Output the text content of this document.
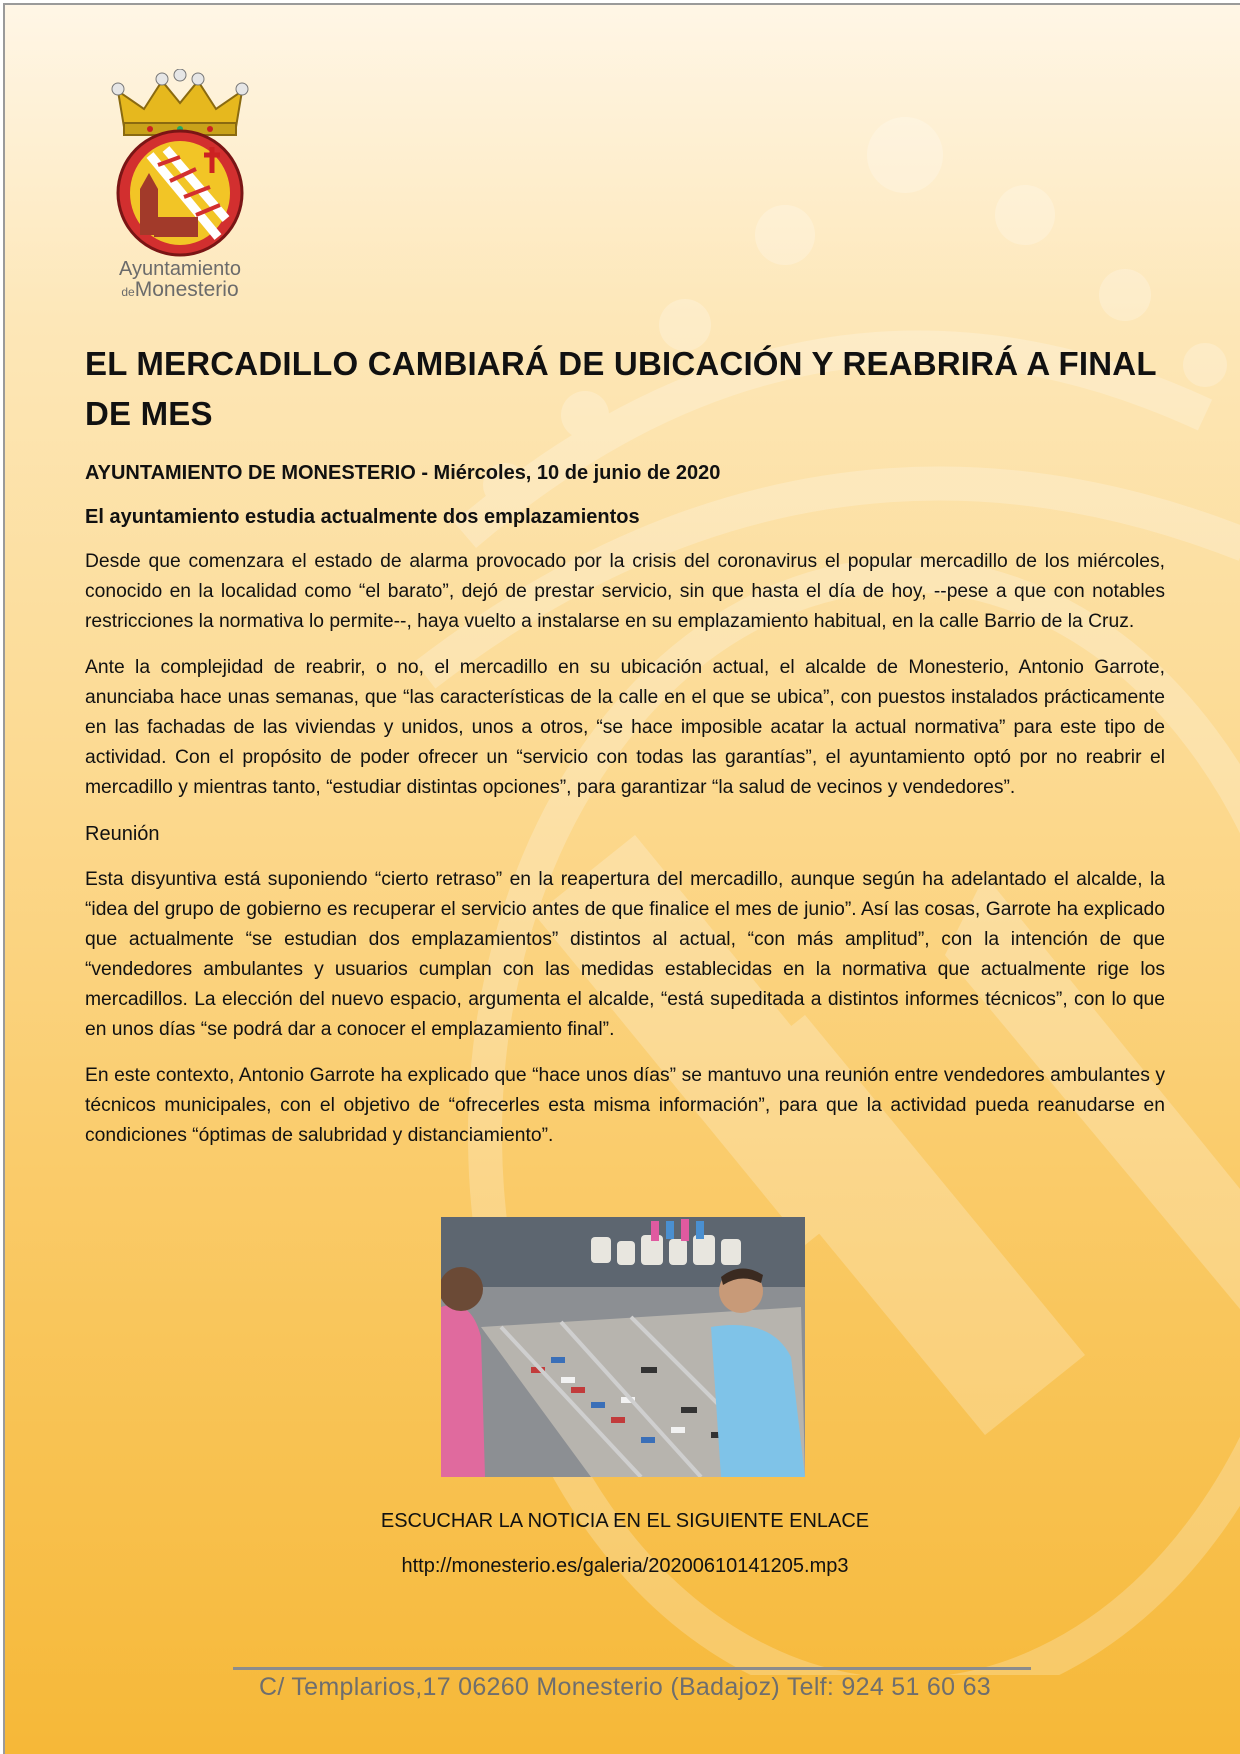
Ayuntamiento
deMonesterio
EL MERCADILLO CAMBIARÁ DE UBICACIÓN Y REABRIRÁ A FINAL DE MES
AYUNTAMIENTO DE MONESTERIO - Miércoles, 10 de junio de 2020
El ayuntamiento estudia actualmente dos emplazamientos

Desde que comenzara el estado de alarma provocado por la crisis del coronavirus el popular mercadillo de los miércoles, conocido en la localidad como “el barato”, dejó de prestar servicio, sin que hasta el día de hoy, --pese a que con notables restricciones la normativa lo permite--, haya vuelto a instalarse en su emplazamiento habitual, en la calle Barrio de la Cruz.

Ante la complejidad de reabrir, o no, el mercadillo en su ubicación actual, el alcalde de Monesterio, Antonio Garrote, anunciaba hace unas semanas, que “las características de la calle en el que se ubica”, con puestos instalados prácticamente en las fachadas de las viviendas y unidos, unos a otros, “se hace imposible acatar la actual normativa” para este tipo de actividad. Con el propósito de poder ofrecer un “servicio con todas las garantías”, el ayuntamiento optó por no reabrir el mercadillo y mientras tanto, “estudiar distintas opciones”, para garantizar “la salud de vecinos y vendedores”.

Reunión

Esta disyuntiva está suponiendo “cierto retraso” en la reapertura del mercadillo, aunque según ha adelantado el alcalde, la “idea del grupo de gobierno es recuperar el servicio antes de que finalice el mes de junio”. Así las cosas, Garrote ha explicado que actualmente “se estudian dos emplazamientos” distintos al actual, “con más amplitud”, con la intención de que “vendedores ambulantes y usuarios cumplan con las medidas establecidas en la normativa que actualmente rige los mercadillos. La elección del nuevo espacio, argumenta el alcalde, “está supeditada a distintos informes técnicos”, con lo que en unos días “se podrá dar a conocer el emplazamiento final”.

En este contexto, Antonio Garrote ha explicado que “hace unos días” se mantuvo una reunión entre vendedores ambulantes y técnicos municipales, con el objetivo de “ofrecerles esta misma información”, para que la actividad pueda reanudarse en condiciones “óptimas de salubridad y distanciamiento”.

ESCUCHAR LA NOTICIA EN EL SIGUIENTE ENLACE
http://monesterio.es/galeria/20200610141205.mp3
C/ Templarios,17 06260 Monesterio (Badajoz) Telf: 924 51 60 63
